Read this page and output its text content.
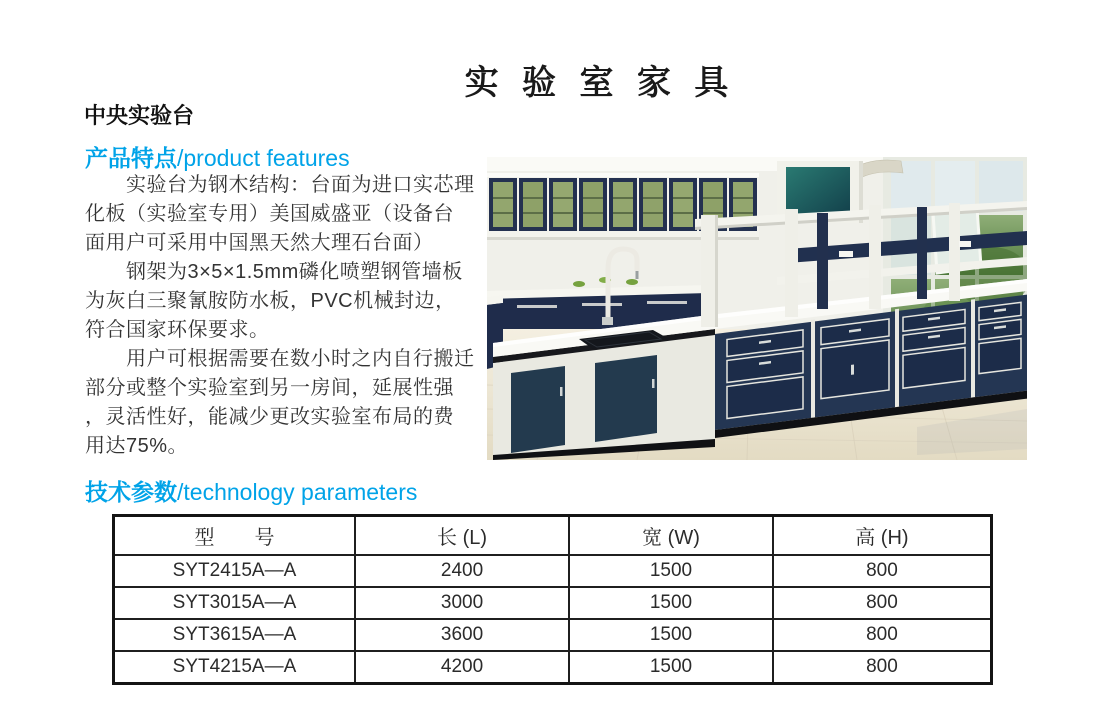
实 验 室 家 具
中央实验台
产品特点/product features
　　实验台为钢木结构：台面为进口实芯理
化板（实验室专用）美国威盛亚（设备台
面用户可采用中国黑天然大理石台面）
　　钢架为3×5×1.5mm磷化喷塑钢管墙板
为灰白三聚氰胺防水板，PVC机械封边，
符合国家环保要求。
　　用户可根据需要在数小时之内自行搬迁
部分或整个实验室到另一房间，延展性强
，灵活性好，能减少更改实验室布局的费
用达75%。
技术参数/technology parameters
型　　号	长 (L)	宽 (W)	高 (H)
SYT2415A—A	2400	1500	800
SYT3015A—A	3000	1500	800
SYT3615A—A	3600	1500	800
SYT4215A—A	4200	1500	800
